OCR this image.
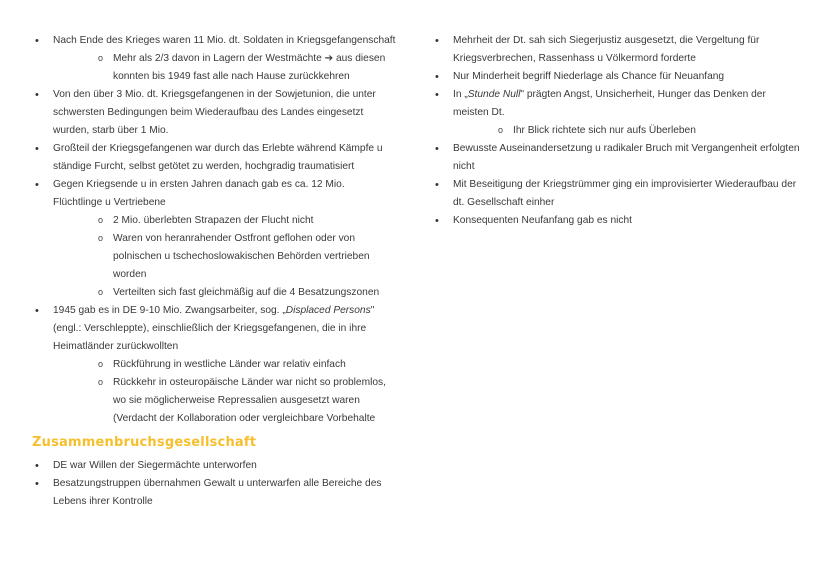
• Nach Ende des Krieges waren 11 Mio. dt. Soldaten in Kriegsgefangenschaft
o Mehr als 2/3 davon in Lagern der Westmächte ➔ aus diesen konnten bis 1949 fast alle nach Hause zurückkehren
• Von den über 3 Mio. dt. Kriegsgefangenen in der Sowjetunion, die unter schwersten Bedingungen beim Wiederaufbau des Landes eingesetzt wurden, starb über 1 Mio.
• Großteil der Kriegsgefangenen war durch das Erlebte während Kämpfe u ständige Furcht, selbst getötet zu werden, hochgradig traumatisiert
• Gegen Kriegsende u in ersten Jahren danach gab es ca. 12 Mio. Flüchtlinge u Vertriebene
o 2 Mio. überlebten Strapazen der Flucht nicht
o Waren von heranrahender Ostfront geflohen oder von polnischen u tschechoslowakischen Behörden vertrieben worden
o Verteilten sich fast gleichmäßig auf die 4 Besatzungszonen
• 1945 gab es in DE 9-10 Mio. Zwangsarbeiter, sog. „Displaced Persons" (engl.: Verschleppte), einschließlich der Kriegsgefangenen, die in ihre Heimatländer zurückwollten
o Rückführung in westliche Länder war relativ einfach
o Rückkehr in osteuropäische Länder war nicht so problemlos, wo sie möglicherweise Repressalien ausgesetzt waren (Verdacht der Kollaboration oder vergleichbare Vorbehalte
Zusammenbruchsgesellschaft
• DE war Willen der Siegermächte unterworfen
• Besatzungstruppen übernahmen Gewalt u unterwarfen alle Bereiche des Lebens ihrer Kontrolle
• Mehrheit der Dt. sah sich Siegerjustiz ausgesetzt, die Vergeltung für Kriegsverbrechen, Rassenhass u Völkermord forderte
• Nur Minderheit begriff Niederlage als Chance für Neuanfang
• In „Stunde Null" prägten Angst, Unsicherheit, Hunger das Denken der meisten Dt.
o Ihr Blick richtete sich nur aufs Überleben
• Bewusste Auseinandersetzung u radikaler Bruch mit Vergangenheit erfolgten nicht
• Mit Beseitigung der Kriegstrümmer ging ein improvisierter Wiederaufbau der dt. Gesellschaft einher
• Konsequenten Neufanfang gab es nicht
